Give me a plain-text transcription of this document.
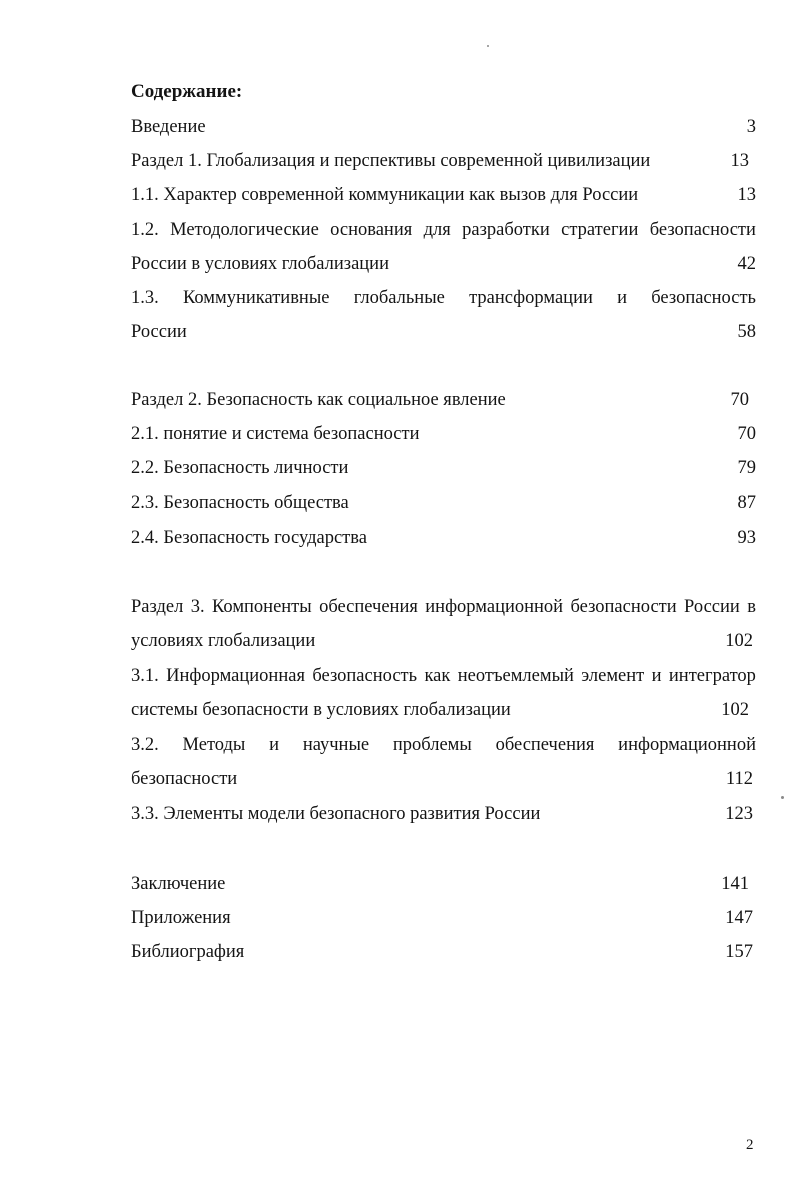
Содержание:
Введение	3
Раздел 1. Глобализация и перспективы современной цивилизации	13
1.1. Характер современной коммуникации как вызов для России	13
1.2. Методологические основания для разработки стратегии безопасности
России в условиях глобализации	42
1.3. Коммуникативные глобальные трансформации и безопасность
России	58
Раздел 2. Безопасность как социальное явление	70
2.1. понятие и система безопасности	70
2.2. Безопасность личности	79
2.3. Безопасность общества	87
2.4. Безопасность государства	93
Раздел 3. Компоненты обеспечения информационной безопасности России в
условиях глобализации	102
3.1. Информационная безопасность как неотъемлемый элемент и интегратор
системы безопасности в условиях глобализации	102
3.2. Методы и научные проблемы обеспечения информационной
безопасности	112
3.3. Элементы модели безопасного развития России	123
Заключение	141
Приложения	147
Библиография	157
2
